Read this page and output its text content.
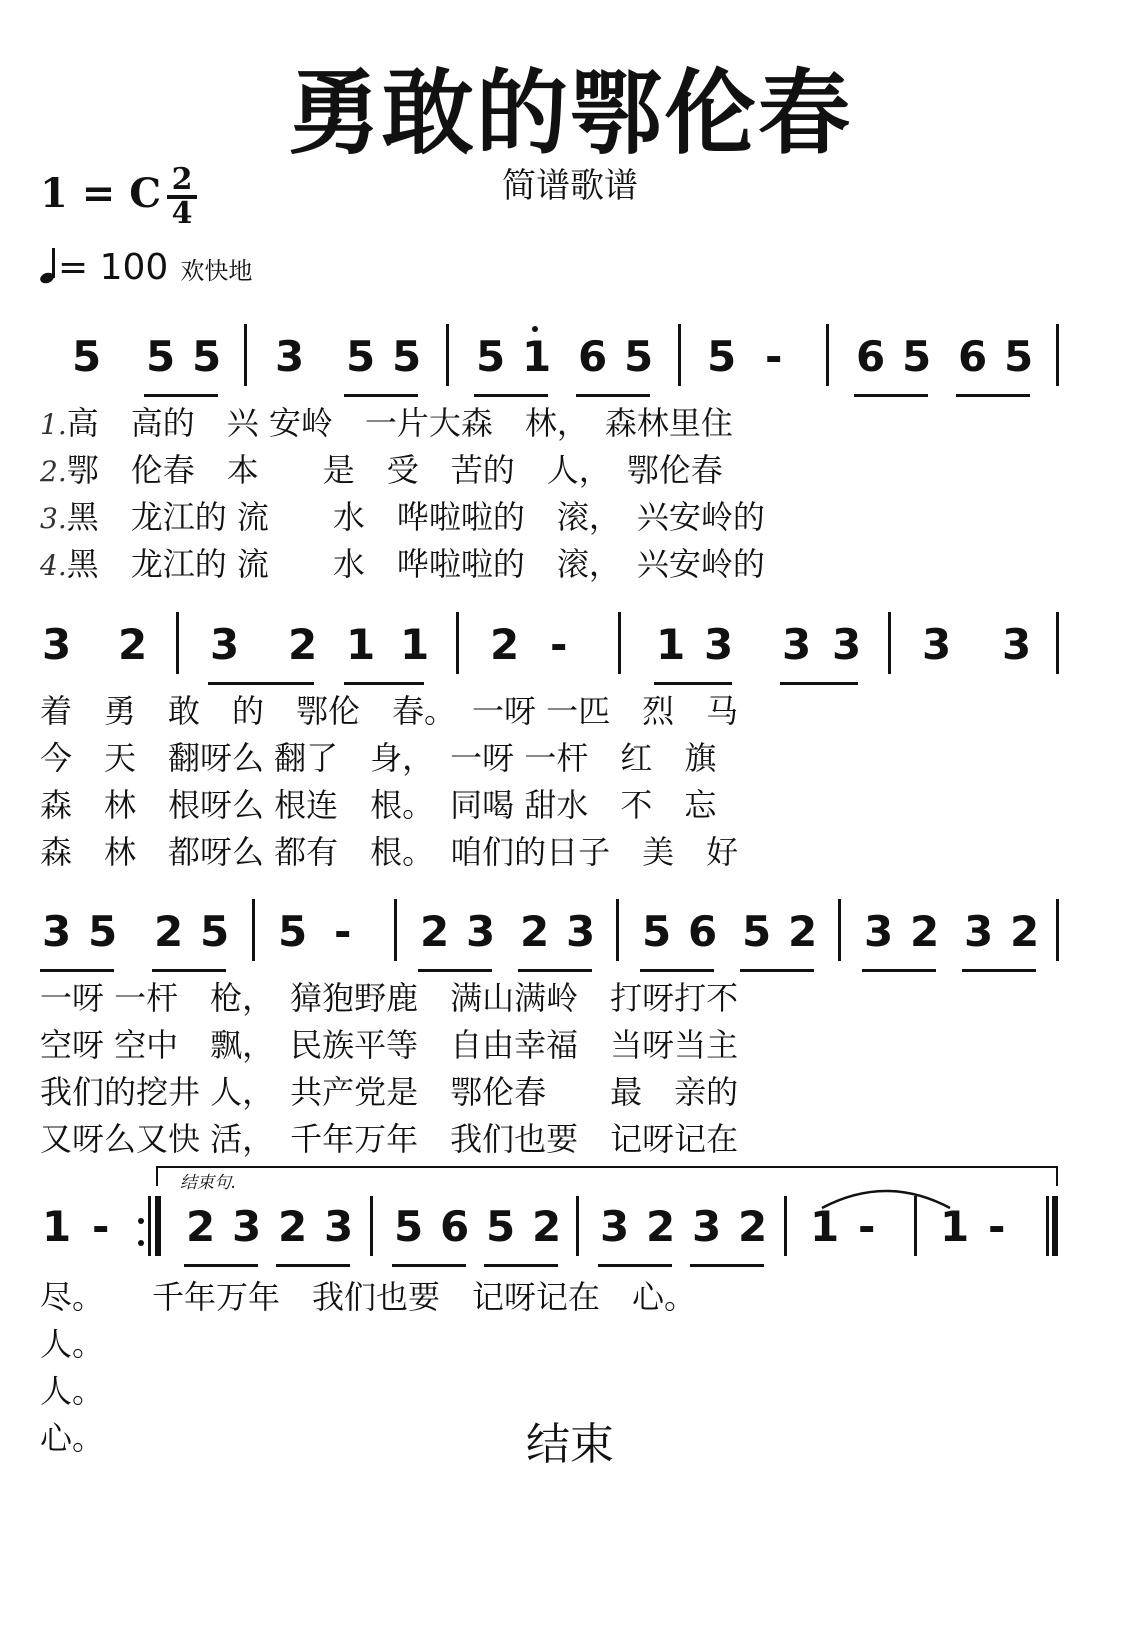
勇敢的鄂伦春
简谱歌谱
1 = C 2
4
= 100 欢快地
5 5 5 3 5 5 5 1 6 5 5 - 6 5 6 5
1.高　高的　兴 安岭　一片大森　林，　森林里住
2.鄂　伦春　本　　是　受　苦的　人，　鄂伦春
3.黑　龙江的 流　　水　哗啦啦的　滚，　兴安岭的
4.黑　龙江的 流　　水　哗啦啦的　滚，　兴安岭的
3 2 3 2 1 1 2 - 1 3 3 3 3 3
着　勇　敢　的　鄂伦　春。　一呀 一匹　烈　马
今　天　翻呀么 翻了　身，　一呀 一杆　红　旗
森　林　根呀么 根连　根。　同喝 甜水　不　忘
森　林　都呀么 都有　根。　咱们的日子　美　好
3 5 2 5 5 - 2 3 2 3 5 6 5 2 3 2 3 2
一呀 一杆　枪，　獐狍野鹿　满山满岭　打呀打不
空呀 空中　飘，　民族平等　自由幸福　当呀当主
我们的挖井 人，　共产党是　鄂伦春　　最　亲的
又呀么又快 活，　千年万年　我们也要　记呀记在
结束句.
1 - 2 3 2 3 5 6 5 2 3 2 3 2 1 - 1 -
尽。　　千年万年　我们也要　记呀记在　心。
人。
人。
心。	结束
